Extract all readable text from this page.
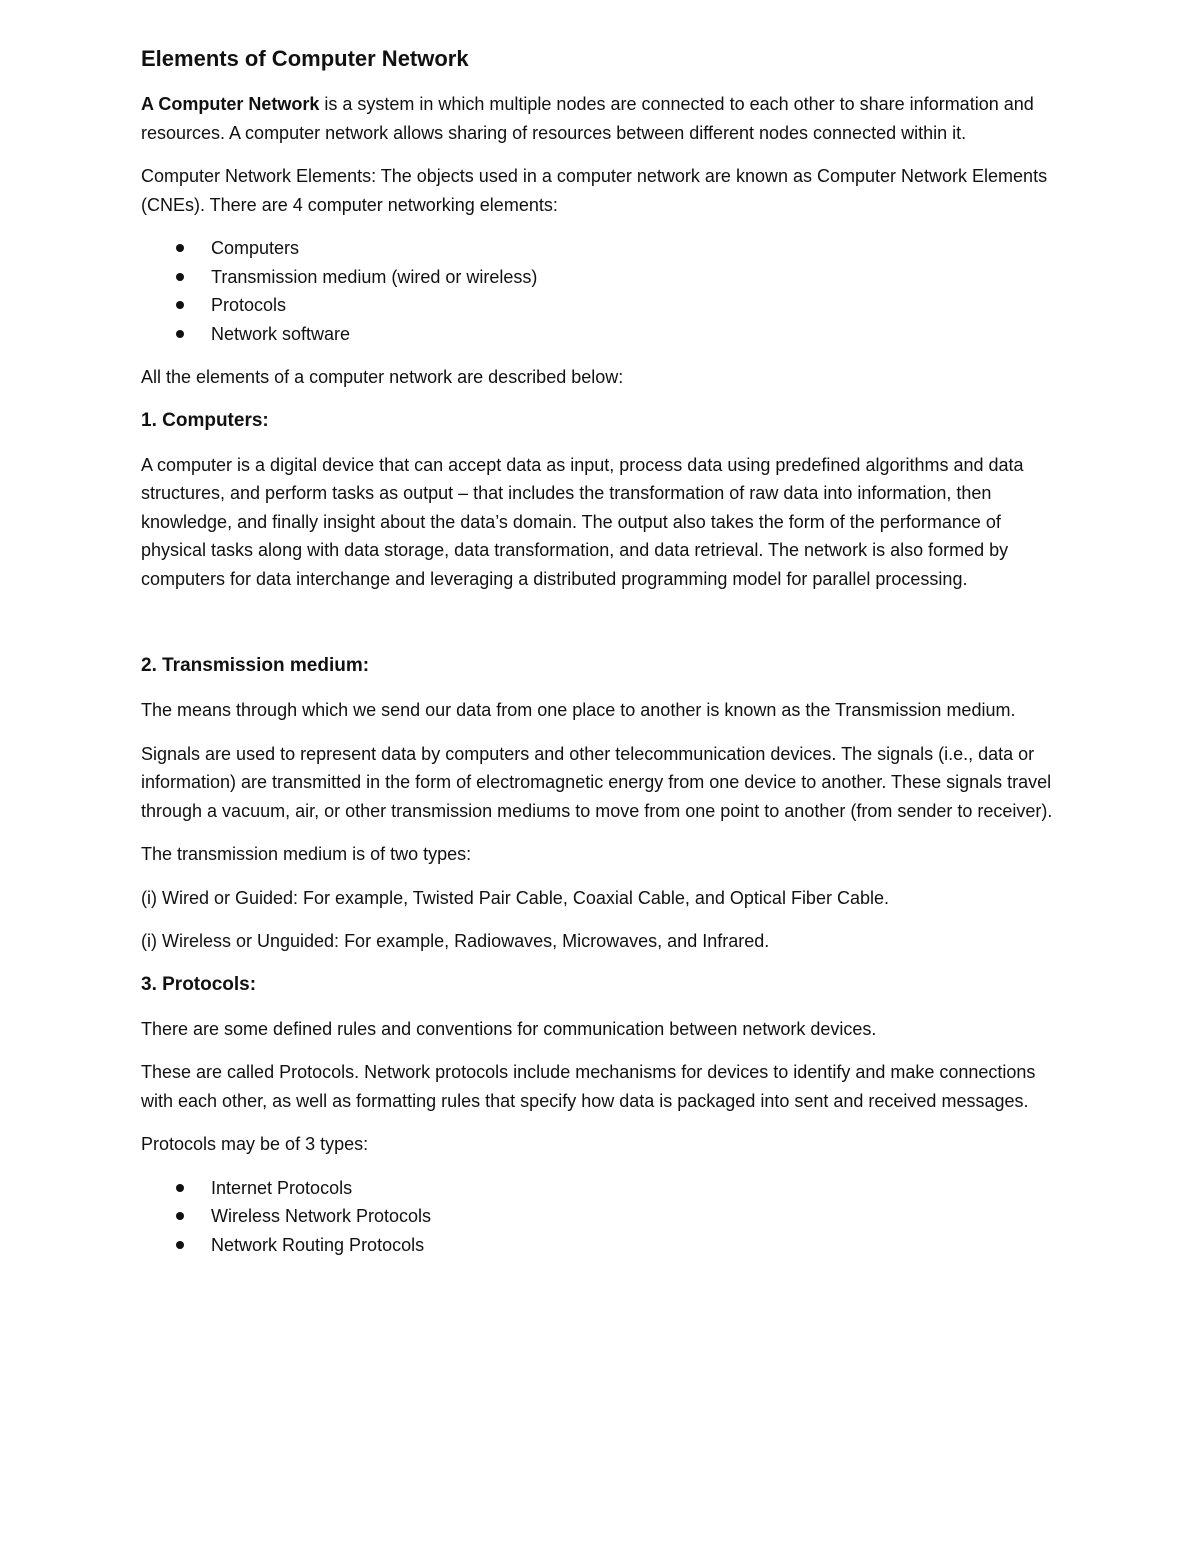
Elements of Computer Network

A Computer Network is a system in which multiple nodes are connected to each other to share information and resources. A computer network allows sharing of resources between different nodes connected within it.

Computer Network Elements: The objects used in a computer network are known as Computer Network Elements (CNEs). There are 4 computer networking elements:

Computers
Transmission medium (wired or wireless)
Protocols
Network software

All the elements of a computer network are described below:

1. Computers:

A computer is a digital device that can accept data as input, process data using predefined algorithms and data structures, and perform tasks as output – that includes the transformation of raw data into information, then knowledge, and finally insight about the data’s domain. The output also takes the form of the performance of physical tasks along with data storage, data transformation, and data retrieval. The network is also formed by computers for data interchange and leveraging a distributed programming model for parallel processing.

2. Transmission medium:

The means through which we send our data from one place to another is known as the Transmission medium.

Signals are used to represent data by computers and other telecommunication devices. The signals (i.e., data or information) are transmitted in the form of electromagnetic energy from one device to another. These signals travel through a vacuum, air, or other transmission mediums to move from one point to another (from sender to receiver).

The transmission medium is of two types:

(i) Wired or Guided: For example, Twisted Pair Cable, Coaxial Cable, and Optical Fiber Cable.

(i) Wireless or Unguided: For example, Radiowaves, Microwaves, and Infrared.

3. Protocols:

There are some defined rules and conventions for communication between network devices.

These are called Protocols. Network protocols include mechanisms for devices to identify and make connections with each other, as well as formatting rules that specify how data is packaged into sent and received messages.

Protocols may be of 3 types:

Internet Protocols
Wireless Network Protocols
Network Routing Protocols
